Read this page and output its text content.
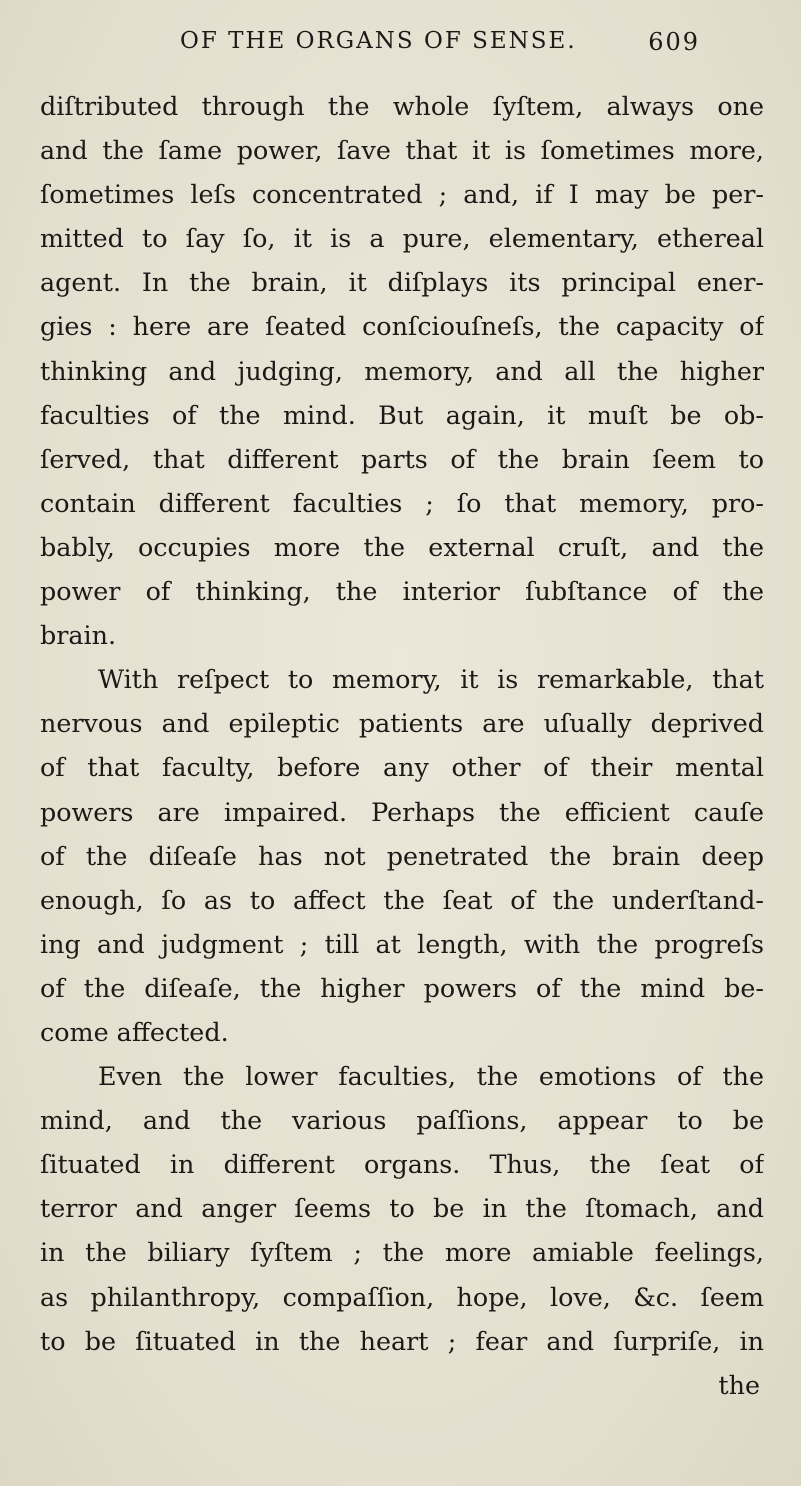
OF THE ORGANS OF SENSE.	609
diſtributed through the whole ſyſtem, always one
and the ſame power, ſave that it is ſometimes more,
ſometimes leſs concentrated ; and, if I may be per-
mitted to ſay ſo, it is a pure, elementary, ethereal
agent. In the brain, it diſplays its principal ener-
gies : here are ſeated conſciouſneſs, the capacity of
thinking and judging, memory, and all the higher
faculties of the mind. But again, it muſt be ob-
ſerved, that different parts of the brain ſeem to
contain different faculties ; ſo that memory, pro-
bably, occupies more the external cruſt, and the
power of thinking, the interior ſubſtance of the
brain.
With reſpect to memory, it is remarkable, that
nervous and epileptic patients are uſually deprived
of that faculty, before any other of their mental
powers are impaired. Perhaps the efficient cauſe
of the diſeaſe has not penetrated the brain deep
enough, ſo as to affect the ſeat of the underſtand-
ing and judgment ; till at length, with the progreſs
of the diſeaſe, the higher powers of the mind be-
come affected.
Even the lower faculties, the emotions of the
mind, and the various paſſions, appear to be
ſituated in different organs. Thus, the ſeat of
terror and anger ſeems to be in the ſtomach, and
in the biliary ſyſtem ; the more amiable feelings,
as philanthropy, compaſſion, hope, love, &c. ſeem
to be ſituated in the heart ; fear and ſurpriſe, in
the
